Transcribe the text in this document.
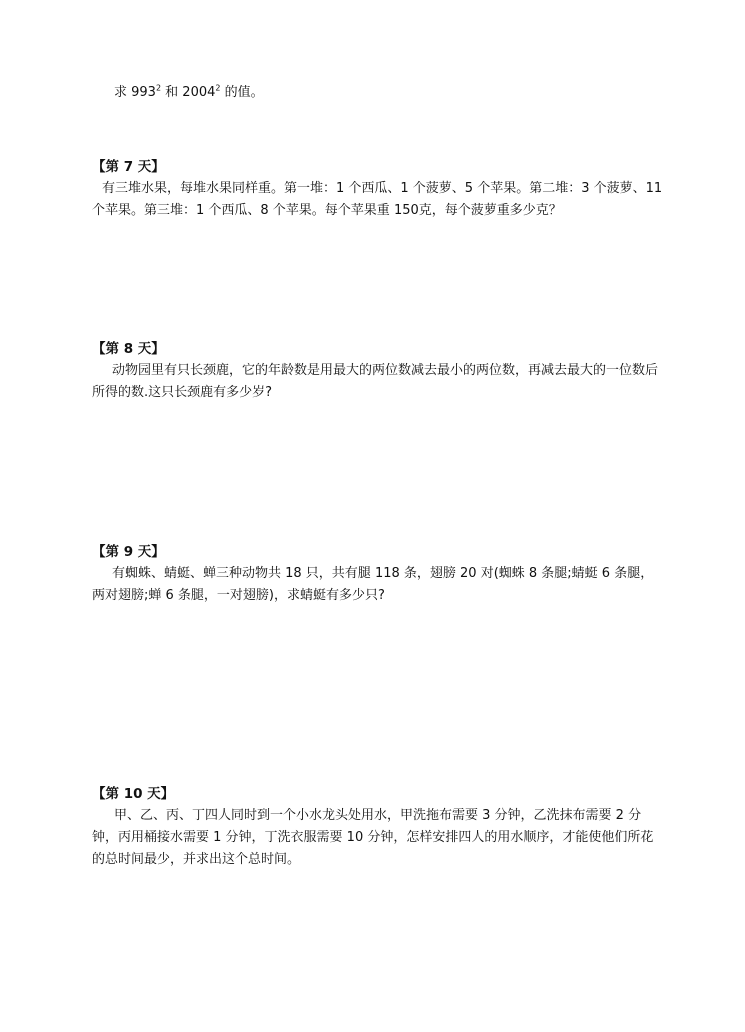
求 $993^2$ 和 2004$^2$ 的值。

【第 7 天】

有三堆水果，每堆水果同样重。第一堆：1 个西瓜、1 个菠萝、5 个苹果。第二堆：3 个菠萝、11 个苹果。第三堆：1 个西瓜、8 个苹果。每个苹果重 150克，每个菠萝重多少克？

【第 8 天】

动物园里有只长颈鹿，它的年龄数是用最大的两位数减去最小的两位数，再减去最大的一位数后所得的数.这只长颈鹿有多少岁?

【第 9 天】

有蜘蛛、蜻蜓、蝉三种动物共 18 只，共有腿 118 条，翅膀 20 对(蜘蛛 8 条腿;蜻蜓 6 条腿，两对翅膀;蝉 6 条腿，一对翅膀)，求蜻蜓有多少只?

【第 10 天】

甲、乙、丙、丁四人同时到一个小水龙头处用水，甲洗拖布需要 3 分钟，乙洗抹布需要 2 分钟，丙用桶接水需要 1 分钟，丁洗衣服需要 10 分钟，怎样安排四人的用水顺序，才能使他们所花的总时间最少，并求出这个总时间。
